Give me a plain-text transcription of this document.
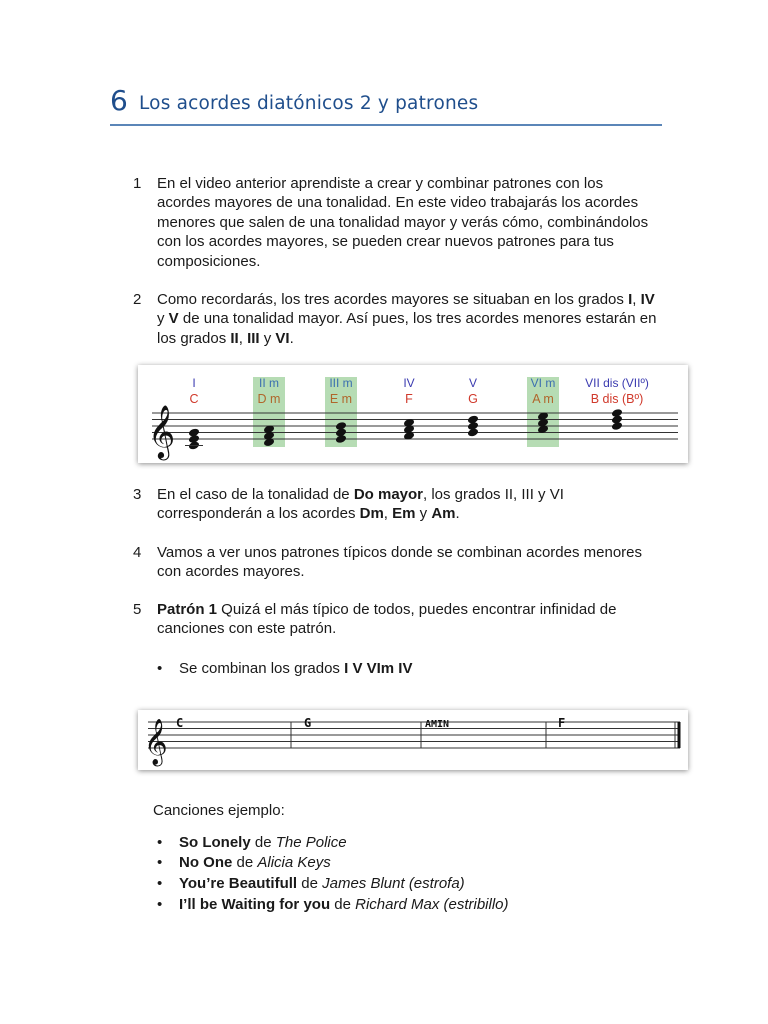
6 Los acordes diatónicos 2 y patrones
1 En el video anterior aprendiste a crear y combinar patrones con los acordes mayores de una tonalidad. En este video trabajarás los acordes menores que salen de una tonalidad mayor y verás cómo, combinándolos con los acordes mayores, se pueden crear nuevos patrones para tus composiciones.
2 Como recordarás, los tres acordes mayores se situaban en los grados I, IV y V de una tonalidad mayor. Así pues, los tres acordes menores estarán en los grados II, III y VI.
𝄞
I
C
II m
D m
III m
E m
IV
F
V
G
VI m
A m
VII dis (VIIº)
B dis (Bº)
3 En el caso de la tonalidad de Do mayor, los grados II, III y VI corresponderán a los acordes Dm, Em y Am.
4 Vamos a ver unos patrones típicos donde se combinan acordes menores con acordes mayores.
5 Patrón 1 Quizá el más típico de todos, puedes encontrar infinidad de canciones con este patrón.
• Se combinan los grados I V VIm IV
𝄞 C	G	AMIN	F
Canciones ejemplo:
• So Lonely de The Police
• No One de Alicia Keys
• You’re Beautifull de James Blunt (estrofa)
• I’ll be Waiting for you de Richard Max (estribillo)
